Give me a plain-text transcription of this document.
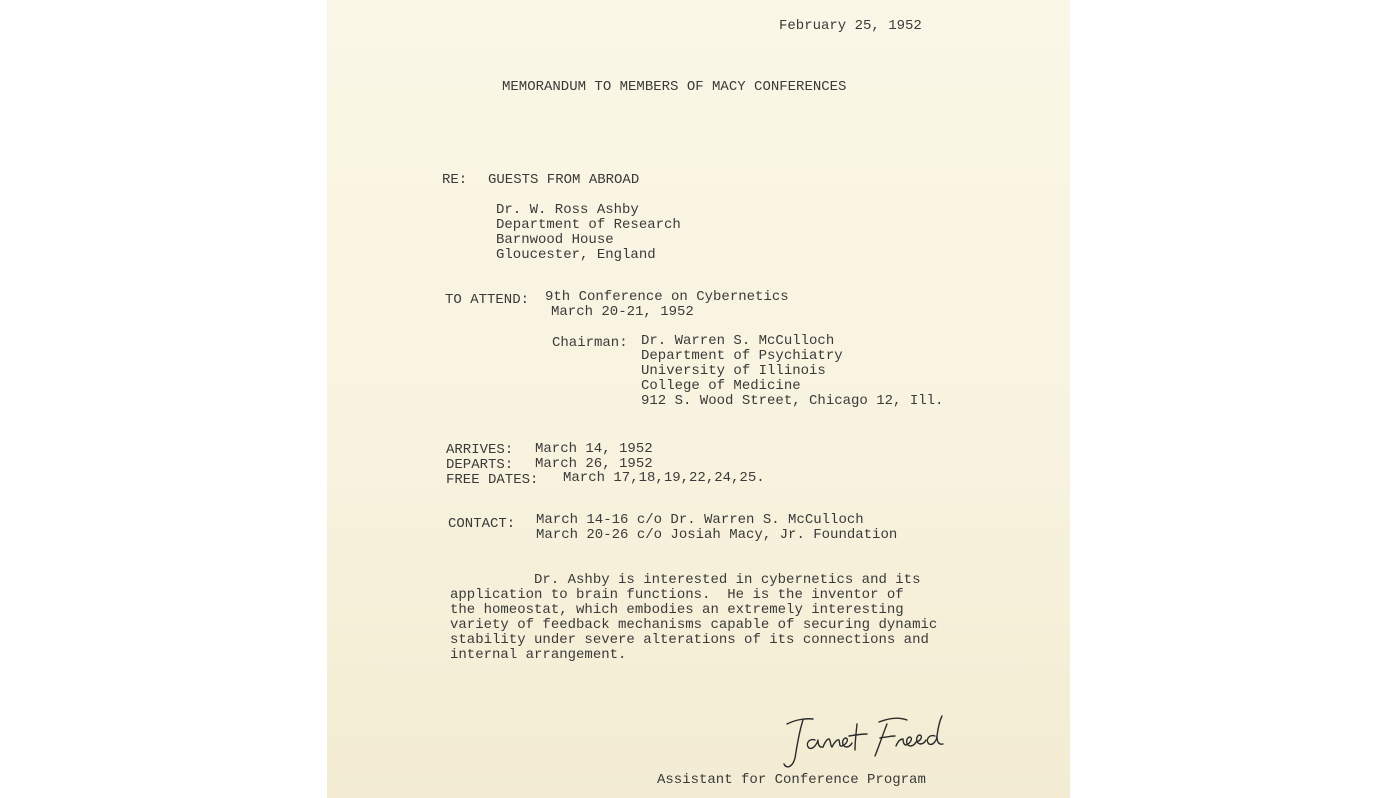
February 25, 1952
MEMORANDUM TO MEMBERS OF MACY CONFERENCES
RE: GUESTS FROM ABROAD
Dr. W. Ross Ashby
Department of Research
Barnwood House
Gloucester, England
TO ATTEND: 9th Conference on Cybernetics
March 20-21, 1952
Chairman: Dr. Warren S. McCulloch
Department of Psychiatry
University of Illinois
College of Medicine
912 S. Wood Street, Chicago 12, Ill.
ARRIVES: March 14, 1952
DEPARTS: March 26, 1952
FREE DATES: March 17,18,19,22,24,25.
CONTACT: March 14-16 c/o Dr. Warren S. McCulloch
March 20-26 c/o Josiah Macy, Jr. Foundation
Dr. Ashby is interested in cybernetics and its
application to brain functions.  He is the inventor of
the homeostat, which embodies an extremely interesting
variety of feedback mechanisms capable of securing dynamic
stability under severe alterations of its connections and
internal arrangement.
Assistant for Conference Program
